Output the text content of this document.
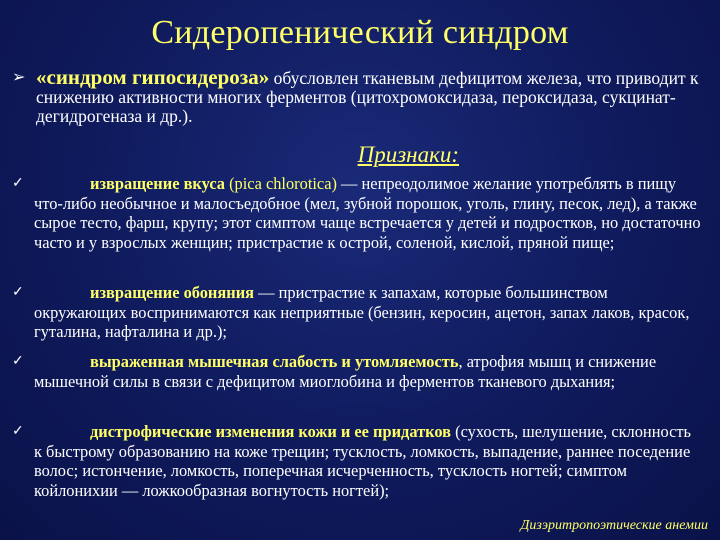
Сидеропенический синдром
➢ «синдром гипосидероза» обусловлен тканевым дефицитом железа, что приводит к снижению активности многих ферментов (цитохромоксидаза, пероксидаза, сукцинат-дегидрогеназа и др.).
Признаки:
✓	извращение вкуса (pica chlorotica) — непреодолимое желание употреблять в пищу что-либо необычное и малосъедобное (мел, зубной порошок, уголь, глину, песок, лед), а также сырое тесто, фарш, крупу; этот симптом чаще встречается у детей и подростков, но достаточно часто и у взрослых женщин; пристрастие к острой, соленой, кислой, пряной пище;
✓	извращение обоняния — пристрастие к запахам, которые большинством окружающих воспринимаются как неприятные (бензин, керосин, ацетон, запах лаков, красок, гуталина, нафталина и др.);
✓	выраженная мышечная слабость и утомляемость, атрофия мышц и снижение мышечной силы в связи с дефицитом миоглобина и ферментов тканевого дыхания;
✓	дистрофические изменения кожи и ее придатков (сухость, шелушение, склонность к быстрому образованию на коже трещин; тусклость, ломкость, выпадение, раннее поседение волос; истончение, ломкость, поперечная исчерченность, тусклость ногтей; симптом койлонихии — ложкообразная вогнутость ногтей);
Дизэритропоэтические анемии
